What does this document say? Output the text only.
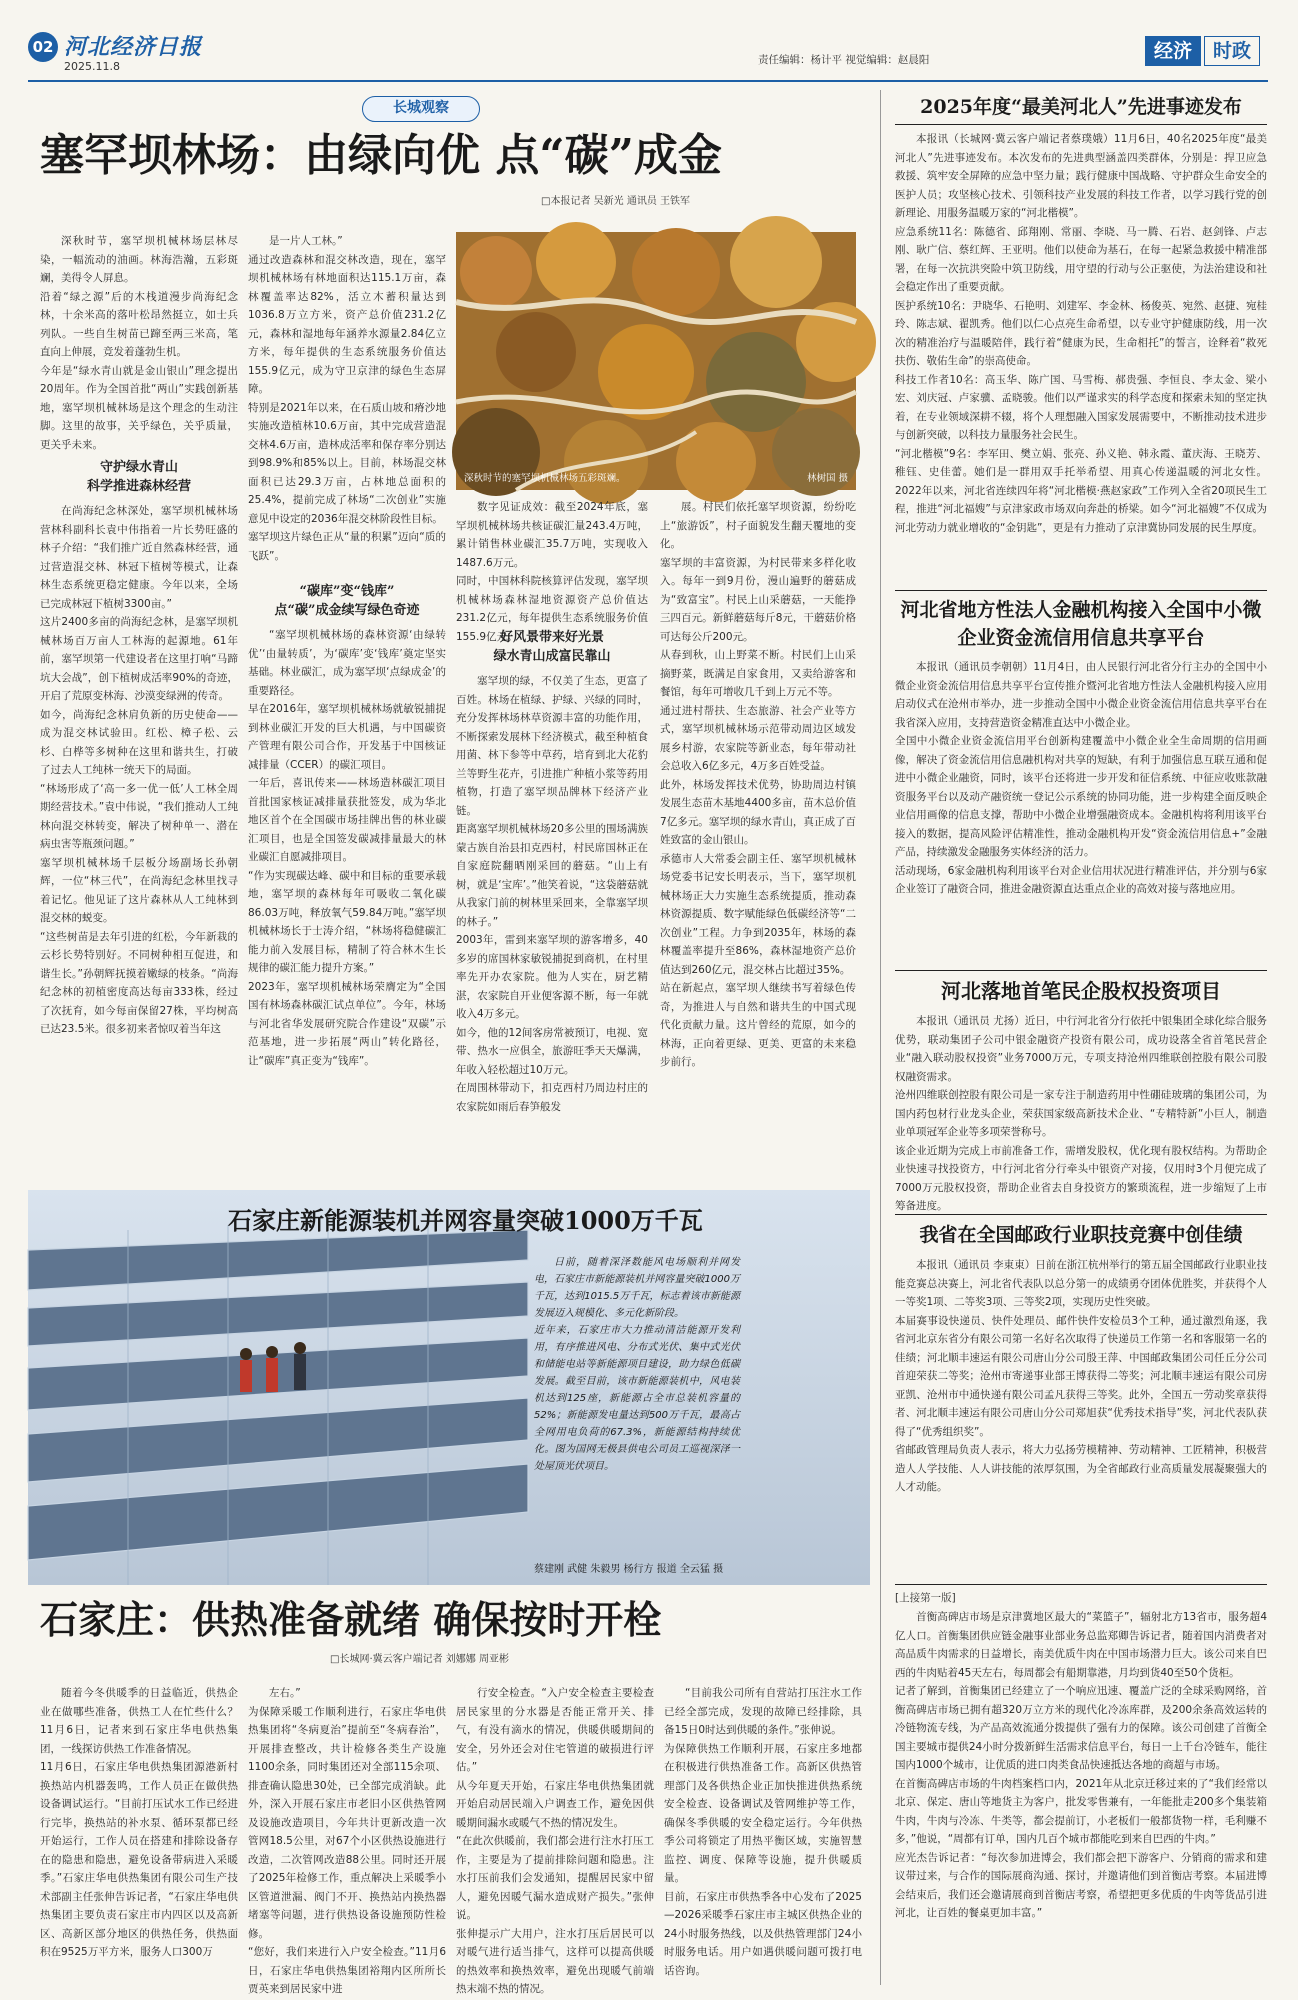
02 河北经济日报
2025.11.8	责任编辑：杨计平 视觉编辑：赵晨阳	经济	时政
长城观察
塞罕坝林场：由绿向优 点“碳”成金
□本报记者 吴新光 通讯员 王铁军
深秋时节，塞罕坝机械林场层林尽染，一幅流动的油画。林海浩瀚，五彩斑斓，美得令人屏息。
沿着“绿之源”后的木栈道漫步尚海纪念林，十余米高的落叶松昂然挺立，如士兵列队。一些自生树苗已蹿至两三米高，笔直向上伸展，竞发着蓬勃生机。
今年是“绿水青山就是金山银山”理念提出20周年。作为全国首批“两山”实践创新基地，塞罕坝机械林场是这个理念的生动注脚。这里的故事，关乎绿色，关乎质量，更关乎未来。
守护绿水青山
科学推进森林经营
在尚海纪念林深处，塞罕坝机械林场营林科副科长袁中伟指着一片长势旺盛的林子介绍：“我们推广近自然森林经营，通过营造混交林、林冠下植树等模式，让森林生态系统更稳定健康。今年以来，全场已完成林冠下植树3300亩。”
这片2400多亩的尚海纪念林，是塞罕坝机械林场百万亩人工林海的起源地。61年前，塞罕坝第一代建设者在这里打响“马蹄坑大会战”，创下植树成活率90%的奇迹，开启了荒原变林海、沙漠变绿洲的传奇。
如今，尚海纪念林肩负新的历史使命——成为混交林试验田。红松、樟子松、云杉、白桦等多树种在这里和谐共生，打破了过去人工纯林一统天下的局面。
“林场形成了‘高一多一优一低’人工林全周期经营技术。”袁中伟说，“我们推动人工纯林向混交林转变，解决了树种单一、潜在病虫害等瓶颈问题。”
塞罕坝机械林场千层板分场副场长孙朝辉，一位“林三代”，在尚海纪念林里找寻着记忆。他见证了这片森林从人工纯林到混交林的蜕变。
“这些树苗是去年引进的红松，今年新栽的云杉长势特别好。不同树种相互促进，和谐生长。”孙朝辉抚摸着嫩绿的枝条。“尚海纪念林的初植密度高达每亩333株，经过了次抚育，如今每亩保留27株，平均树高已达23.5米。很多初来者惊叹着当年这
是一片人工林。”
通过改造森林和混交林改造，现在，塞罕坝机械林场有林地面积达115.1万亩，森林覆盖率达82%，活立木蓄积量达到1036.8万立方米，资产总价值231.2亿元，森林和湿地每年涵养水源量2.84亿立方米，每年提供的生态系统服务价值达155.9亿元，成为守卫京津的绿色生态屏障。
特别是2021年以来，在石质山坡和瘠沙地实施改造植林10.6万亩，其中完成营造混交林4.6万亩，造林成活率和保存率分别达到98.9%和85%以上。目前，林场混交林面积已达29.3万亩，占林地总面积的25.4%，提前完成了林场“二次创业”实施意见中设定的2036年混交林阶段性目标。
塞罕坝这片绿色正从“量的积累”迈向“质的飞跃”。
“碳库”变“钱库”
点“碳”成金续写绿色奇迹
“塞罕坝机械林场的森林资源‘由绿转优’‘由量转质’，为‘碳库’变‘钱库’奠定坚实基础。林业碳汇，成为塞罕坝‘点绿成金’的重要路径。
早在2016年，塞罕坝机械林场就敏锐捕捉到林业碳汇开发的巨大机遇，与中国碳资产管理有限公司合作，开发基于中国核证减排量（CCER）的碳汇项目。
一年后，喜讯传来——林场造林碳汇项目首批国家核证减排量获批签发，成为华北地区首个在全国碳市场挂牌出售的林业碳汇项目，也是全国签发碳减排量最大的林业碳汇自愿减排项目。
“作为实现碳达峰、碳中和目标的重要承载地，塞罕坝的森林每年可吸收二氧化碳86.03万吨，释放氧气59.84万吨。”塞罕坝机械林场长于士涛介绍，“林场将稳健碳汇能力前入发展目标，精制了符合林木生长规律的碳汇能力提升方案。”
2023年，塞罕坝机械林场荣膺定为“全国国有林场森林碳汇试点单位”。今年，林场与河北省华发展研究院合作建设“双碳”示范基地，进一步拓展“两山”转化路径，让“碳库”真正变为“钱库”。
深秋时节的塞罕坝机械林场五彩斑斓。	林树国 摄
数字见证成效：截至2024年底，塞罕坝机械林场共核证碳汇量243.4万吨，累计销售林业碳汇35.7万吨，实现收入1487.6万元。
同时，中国林科院核算评估发现，塞罕坝机械林场森林湿地资源资产总价值达231.2亿元，每年提供生态系统服务价值155.9亿元。
好风景带来好光景
绿水青山成富民靠山
塞罕坝的绿，不仅美了生态，更富了百姓。林场在植绿、护绿、兴绿的同时，充分发挥林场林草资源丰富的功能作用，不断探索发展林下经济模式，截至种植食用菌、林下参等中草药，培育到北大花豹兰等野生花卉，引进推广种植小浆等药用植物，打造了塞罕坝品牌林下经济产业链。
距离塞罕坝机械林场20多公里的围场满族蒙古族自治县扣克西村，村民席国林正在自家庭院翻晒刚采回的蘑菇。“山上有树，就是‘宝库’。”他笑着说，“这袋蘑菇就从我家门前的树林里采回来，全靠塞罕坝的林子。”
2003年，雷到来塞罕坝的游客增多，40多岁的席国林家敏锐捕捉到商机，在村里率先开办农家院。他为人实在，厨艺精湛，农家院自开业便客源不断，每一年就收入4万多元。
如今，他的12间客房常被预订，电视、宽带、热水一应俱全，旅游旺季天天爆满，年收入轻松超过10万元。
在周围林带动下，扣克西村乃周边村庄的农家院如雨后春笋般发
展。村民们依托塞罕坝资源，纷纷吃上“旅游饭”，村子面貌发生翻天覆地的变化。
塞罕坝的丰富资源，为村民带来多样化收入。每年一到9月份，漫山遍野的蘑菇成为“致富宝”。村民上山采蘑菇，一天能挣三四百元。新鲜蘑菇每斤8元，干蘑菇价格可达每公斤200元。
从春到秋，山上野菜不断。村民们上山采摘野菜，既满足自家食用，又卖给游客和餐馆，每年可增收几千到上万元不等。
通过进村帮扶、生态旅游、社会产业等方式，塞罕坝机械林场示范带动周边区域发展乡村游，农家院等新业态，每年带动社会总收入6亿多元，4万多百姓受益。
此外，林场发挥技术优势，协助周边村镇发展生态苗木基地4400多亩，苗木总价值7亿多元。塞罕坝的绿水青山，真正成了百姓致富的金山银山。
承德市人大常委会副主任、塞罕坝机械林场党委书记安长明表示，当下，塞罕坝机械林场正大力实施生态系统提质，推动森林资源提质、数字赋能绿色低碳经济等“二次创业”工程。力争到2035年，林场的森林覆盖率提升至86%，森林湿地资产总价值达到260亿元，混交林占比超过35%。
站在新起点，塞罕坝人继续书写着绿色传奇，为推进人与自然和谐共生的中国式现代化贡献力量。这片曾经的荒原，如今的林海，正向着更绿、更美、更富的未来稳步前行。
石家庄新能源装机并网容量突破1000万千瓦
日前，随着深泽数能风电场顺利并网发电，石家庄市新能源装机并网容量突破1000万千瓦，达到1015.5万千瓦，标志着该市新能源发展迈入规模化、多元化新阶段。
近年来，石家庄市大力推动清洁能源开发利用，有序推进风电、分布式光伏、集中式光伏和储能电站等新能源项目建设，助力绿色低碳发展。截至目前，该市新能源装机中，风电装机达到125座，新能源占全市总装机容量的52%；新能源发电量达到500万千瓦，最高占全网用电负荷的67.3%，新能源结构持续优化。图为国网无极县供电公司员工巡视深泽一处屋顶光伏项目。
蔡建刚 武健 朱毅男 杨行方 报道 全云猛 摄
石家庄：供热准备就绪 确保按时开栓
□长城网·冀云客户端记者 刘娜娜 周亚彬
随着今冬供暖季的日益临近，供热企业在做哪些准备，供热工人在忙些什么？11月6日，记者来到石家庄华电供热集团，一线探访供热工作准备情况。
11月6日，石家庄华电供热集团源港新村换热站内机器轰鸣，工作人员正在做供热设备调试运行。“目前打压试水工作已经进行完毕，换热站的补水泵、循环泵都已经开始运行，工作人员在搭建和排除设备存在的隐患和隐患，避免设备带病进入采暖季。”石家庄华电供热集团有限公司生产技术部副主任张伸告诉记者，“石家庄华电供热集团主要负责石家庄市内四区以及高新区、高新区部分地区的供热任务，供热面积在9525万平方米，服务人口300万
左右。”
为保障采暖工作顺利进行，石家庄华电供热集团将“冬病夏治”提前至“冬病春治”，开展排查整改，共计检修各类生产设施1100余条，同时集团还对全部115余项、排查确认隐患30处，已全部完成消缺。此外，深入开展石家庄市老旧小区供热管网及设施改造项目，今年共计更新改造一次管网18.5公里，对67个小区供热设施进行改造，二次管网改造88公里。同时还开展了2025年检修工作，重点解决上采暖季小区管道泄漏、阀门不开、换热站内换热器堵塞等问题，进行供热设备设施预防性检修。
“您好，我们来进行入户安全检查。”11月6日，石家庄华电供热集团裕翔内区所所长贾英来到居民家中进
行安全检查。“入户安全检查主要检查居民家里的分水器是否能正常开关、排气，有没有滴水的情况，供暖供暖期间的安全，另外还会对住宅管道的破损进行评估。”
从今年夏天开始，石家庄华电供热集团就开始启动居民端入户调查工作，避免因供暖期间漏水或暖气不热的情况发生。
“在此次供暖前，我们都会进行注水打压工作，主要是为了提前排除问题和隐患。注水打压前我们会发通知，提醒居民家中留人，避免因暖气漏水造成财产损失。”张伸说。
张伸提示广大用户，注水打压后居民可以对暖气进行适当排气，这样可以提高供暖的热效率和换热效率，避免出现暖气前端热末端不热的情况。
“目前我公司所有自营站打压注水工作已经全部完成，发现的故障已经排除，具备15日0时达到供暖的条件。”张伸说。
为保障供热工作顺利开展，石家庄多地都在积极进行供热准备工作。高新区供热管理部门及各供热企业正加快推进供热系统安全检查、设备调试及管网维护等工作，确保冬季供暖的安全稳定运行。今年供热季公司将锁定了用热平衡区域，实施智慧监控、调度、保障等设施，提升供暖质量。
目前，石家庄市供热季各中心发布了2025—2026采暖季石家庄市主城区供热企业的24小时服务热线，以及供热管理部门24小时服务电话。用户如遇供暖问题可拨打电话咨询。
2025年度“最美河北人”先进事迹发布
本报讯（长城网·冀云客户端记者蔡璞娥）11月6日，40名2025年度“最美河北人”先进事迹发布。本次发布的先进典型涵盖四类群体，分别是：捍卫应急救援、筑牢安全屏障的应急中坚力量；践行健康中国战略、守护群众生命安全的医护人员；攻坚核心技术、引领科技产业发展的科技工作者，以学习践行党的创新理论、用服务温暖万家的“河北楷模”。
应急系统11名：陈德省、邱翔刚、常丽、李晓、马一腾、石岩、赵剑锋、卢志刚、耿广信、蔡红辉、王亚明。他们以使命为基石，在每一起紧急救援中精准部署，在每一次抗洪突险中筑卫防线，用守望的行动与公正驱使，为法治建设和社会稳定作出了重要贡献。
医护系统10名：尹晓华、石艳明、刘建军、李金林、杨俊英、宛然、赵捷、宛桂玲、陈志斌、翟凯秀。他们以仁心点亮生命希望，以专业守护健康防线，用一次次的精准治疗与温暖陪伴，践行着“健康为民，生命相托”的誓言，诠释着“救死扶伤、敬佑生命”的崇高使命。
科技工作者10名：高玉华、陈广国、马雪梅、郝贵强、李恒良、李太金、梁小宏、刘庆冠、卢家骥、孟晓骏。他们以严谨求实的科学态度和探索未知的坚定执着，在专业领域深耕不辍，将个人理想融入国家发展需要中，不断推动技术进步与创新突破，以科技力量服务社会民生。
“河北楷模”9名：李军田、樊立娟、张亮、孙义艳、韩永霞、董庆海、王晓芳、稚钰、史佳蕾。她们是一群用双手托举希望、用真心传递温暖的河北女性。2022年以来，河北省连续四年将“河北楷模·燕赵家政”工作列入全省20项民生工程，推进“河北福嫂”与京津家政市场双向奔赴的桥梁。如今“河北福嫂”不仅成为河北劳动力就业增收的“金钥匙”，更是有力推动了京津冀协同发展的民生厚度。
河北省地方性法人金融机构接入全国中小微企业资金流信用信息共享平台
本报讯（通讯员李朝朝）11月4日，由人民银行河北省分行主办的全国中小微企业资金流信用信息共享平台宣传推介暨河北省地方性法人金融机构接入应用启动仪式在沧州市举办，进一步推动全国中小微企业资金流信用信息共享平台在我省深入应用，支持营造资金精准直达中小微企业。
全国中小微企业资金流信用平台创新构建覆盖中小微企业全生命周期的信用画像，解决了资金流信用信息融机构对共享的短缺，有利于加强信息互联互通和促进中小微企业融资，同时，该平台还将进一步开发和征信系统、中征应收账款融资服务平台以及动产融资统一登记公示系统的协同功能，进一步构建全面反映企业信用画像的信息支撑，帮助中小微企业增强融资成本。金融机构将利用该平台接入的数据，提高风险评估精准性，推动金融机构开发“资金流信用信息+”金融产品，持续激发金融服务实体经济的活力。
活动现场，6家金融机构利用该平台对企业信用状况进行精准评估，并分别与6家企业签订了融资合同，推进金融资源直达重点企业的高效对接与落地应用。
河北落地首笔民企股权投资项目
本报讯（通讯员 尤扬）近日，中行河北省分行依托中银集团全球化综合服务优势，联动集团子公司中银金融资产投资有限公司，成功设落全省首笔民营企业“融入联动股权投资”业务7000万元，专项支持沧州四维联创控股有限公司股权融资需求。
沧州四维联创控股有限公司是一家专注于制造药用中性硼硅玻璃的集团公司，为国内药包材行业龙头企业，荣获国家级高新技术企业、“专精特新”小巨人，制造业单项冠军企业等多项荣誉称号。
该企业近期为完成上市前准备工作，需增发股权，优化现有股权结构。为帮助企业快速寻找投资方，中行河北省分行牵头中银资产对接，仅用时3个月便完成了7000万元股权投资，帮助企业省去自身投资方的繁琐流程，进一步缩短了上市筹备进度。
我省在全国邮政行业职技竞赛中创佳绩
本报讯（通讯员 李東東）日前在浙江杭州举行的第五届全国邮政行业职业技能竞赛总决赛上，河北省代表队以总分第一的成绩勇夺团体优胜奖，并获得个人一等奖1项、二等奖3项、三等奖2项，实现历史性突破。
本届赛事设快递员、快件处理员、邮件快件安检员3个工种，通过激烈角逐，我省河北京东省分有限公司第一名好名次取得了快递员工作第一名和客服第一名的佳绩；河北顺丰速运有限公司唐山分公司殷王萍、中国邮政集团公司任丘分公司首迎荣获二等奖；沧州市寄递事业部王博获得二等奖；河北顺丰速运有限公司房亚凯、沧州市中通快递有限公司孟凡获得三等奖。此外，全国五一劳动奖章获得者、河北顺丰速运有限公司唐山分公司郑旭获“优秀技术指导”奖，河北代表队获得了“优秀组织奖”。
省邮政管理局负责人表示，将大力弘扬劳模精神、劳动精神、工匠精神，积极营造人人学技能、人人讲技能的浓厚氛围，为全省邮政行业高质量发展凝聚强大的人才动能。
[上接第一版]
首衡高碑店市场是京津冀地区最大的“菜篮子”，辐射北方13省市，服务超4亿人口。首衡集团供应链金融事业部业务总监郑卿告诉记者，随着国内消费者对高品质牛肉需求的日益增长，南美优质牛肉在中国市场潜力巨大。该公司来自巴西的牛肉贴着45天左右，每周都会有船期靠港，月均到货40至50个货柜。
记者了解到，首衡集团已经建立了一个响应迅速、覆盖广泛的全球采购网络，首衡高碑店市场已拥有超320万立方米的现代化冷冻库群，及200余条高效运转的冷链物流专线，为产品高效流通分拨提供了强有力的保障。该公司创建了首衡全国主要城市提供24小时分拨新鲜生活需求信息平台，每日一上千台冷链车，能往国内1000个城市，让优质的进口肉类食品快速抵达各地的商超与市场。
在首衡高碑店市场的牛肉档案档口内，2021年从北京迁移过来的了“我们经常以北京、保定、唐山等地货主为客户，批发零售兼有，一年能批走200多个集装箱牛肉，牛肉与冷冻、牛类等，都会提前订，小老板们一般都货物一样，毛利赚不多，”他说，“周都有订单，国内几百个城市都能吃到来自巴西的牛肉。”
应光杰告诉记者：“每次参加进博会，我们都会把下游客户、分销商的需求和建议带过来，与合作的国际展商沟通、探讨，并邀请他们到首衡店考察。本届进博会结束后，我们还会邀请展商到首衡店考察，希望把更多优质的牛肉等货品引进河北，让百姓的餐桌更加丰富。”
